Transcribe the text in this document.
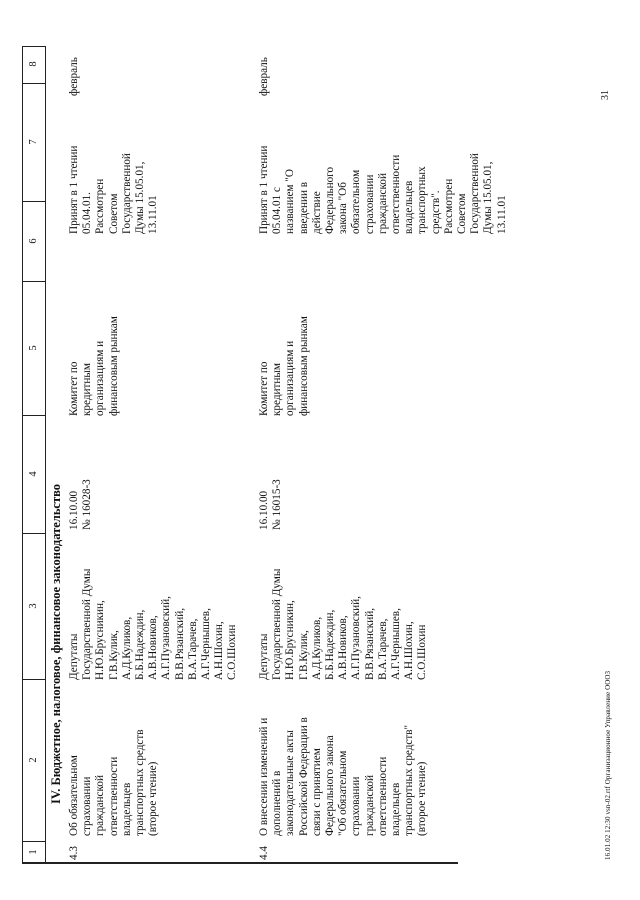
1
2
3
4
5
6
7
8
IV. Бюджетное, налоговое, финансовое законодательство
4.3
Об обязательном
страховании
гражданской
ответственности
владельцев
транспортных средств
(второе чтение)
Депутаты
Государственной Думы
Н.Ю.Брусникин,
Г.В.Кулик,
А.Д.Куликов,
Б.Б.Надеждин,
А.В.Новиков,
А.Г.Пузановский,
В.В.Рязанский,
В.А.Тарачев,
А.Г.Чернышев,
А.Н.Шохин,
С.О.Шохин
16.10.00
№ 16028-3
Комитет по
кредитным
организациям и
финансовым рынкам
Принят в 1 чтении
05.04.01.
Рассмотрен
Советом
Государственной
Думы 15.05.01,
13.11.01
февраль
4.4
О внесении изменений и
дополнений в
законодательные акты
Российской Федерации в
связи с принятием
Федерального закона
"Об обязательном
страховании
гражданской
ответственности
владельцев
транспортных средств"
(второе чтение)
Депутаты
Государственной Думы
Н.Ю.Брусникин,
Г.В.Кулик,
А.Д.Куликов,
Б.Б.Надеждин,
А.В.Новиков,
А.Г.Пузановский,
В.В.Рязанский,
В.А.Тарачев,
А.Г.Чернышев,
А.Н.Шохин,
С.О.Шохин
16.10.00
№ 16015-3
Комитет по
кредитным
организациям и
финансовым рынкам
Принят в 1 чтении
05.04.01 с
названием "О
введении в
действие
Федерального
закона "Об
обязательном
страховании
гражданской
ответственности
владельцев
транспортных
средств".
Рассмотрен
Советом
Государственной
Думы 15.05.01,
13.11.01
февраль
16.01.02 12:30 vsn-02.rtf Организационное Управление ООО3
31
